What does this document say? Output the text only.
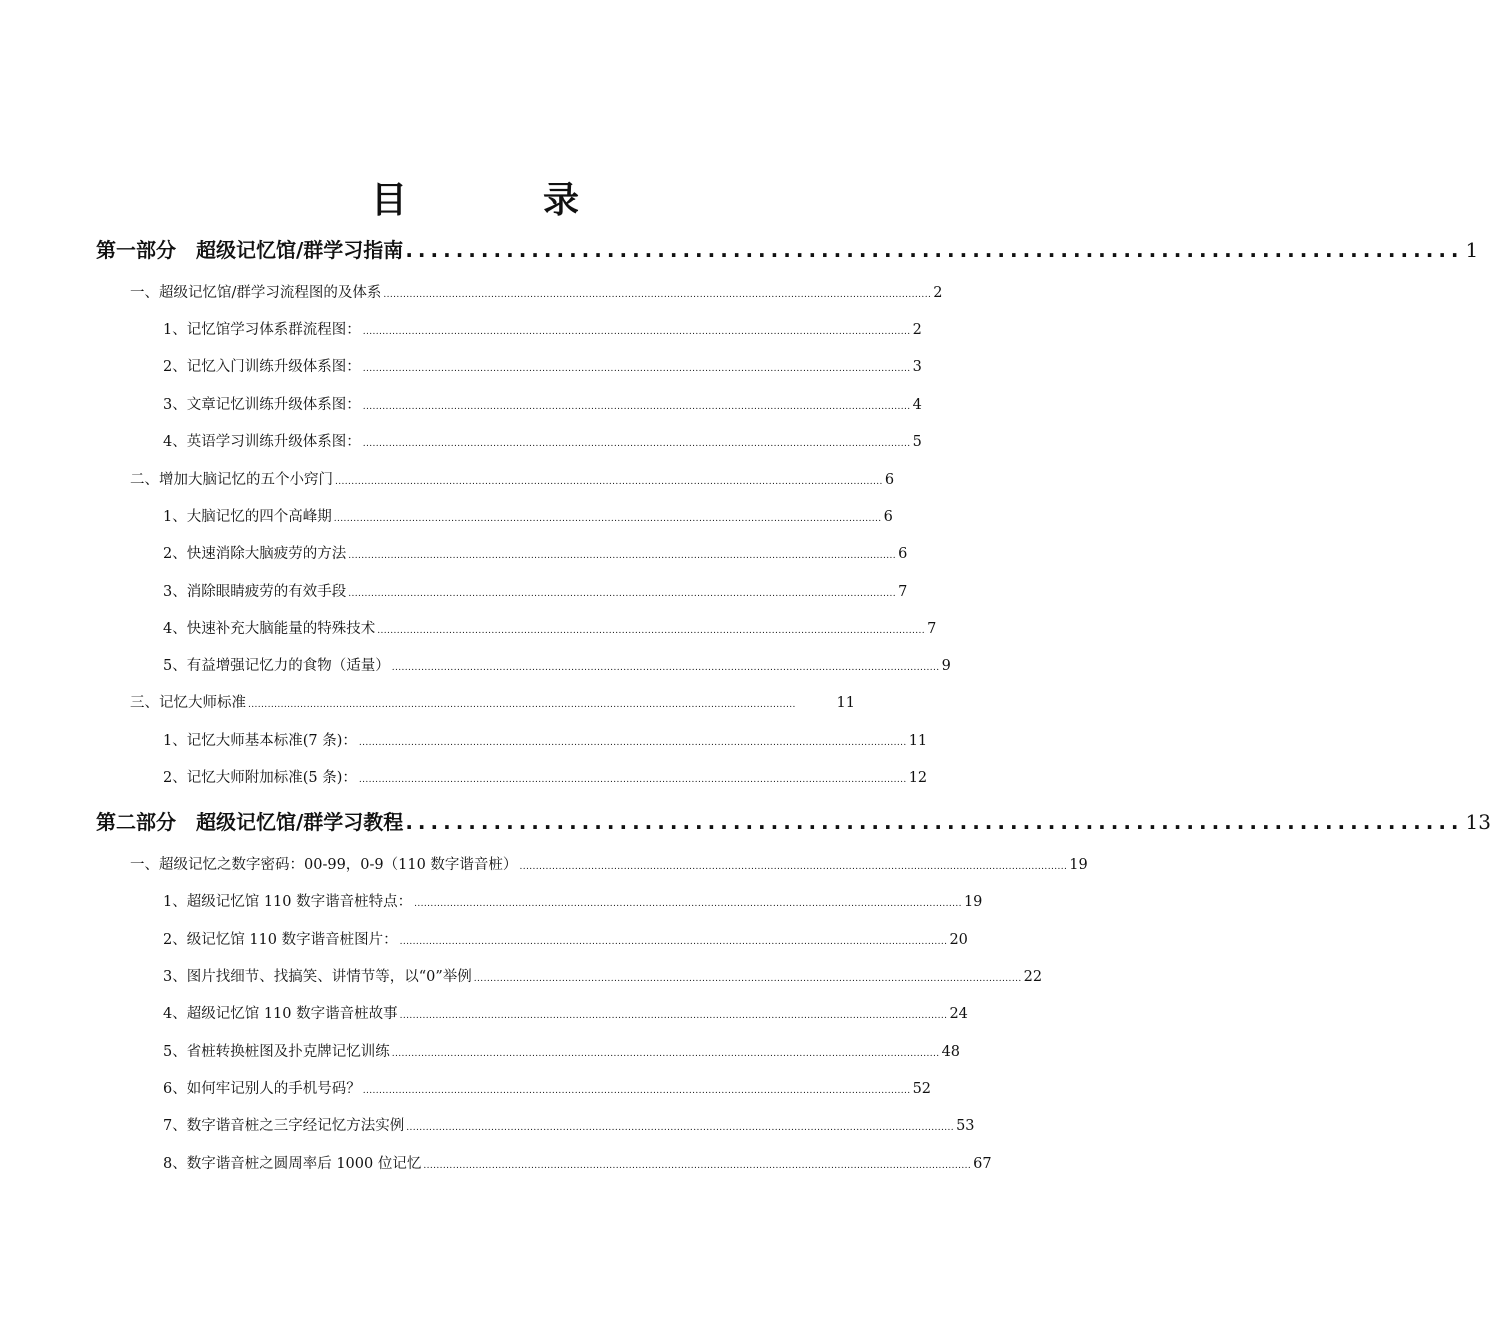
目　录
第一部分　超级记忆馆/群学习指南 .................................................................................... 1
一、超级记忆馆/群学习流程图的及体系 ........................................................................................................................................................................ 2
1、记忆馆学习体系群流程图： ........................................................................................................................................................................ 2
2、记忆入门训练升级体系图： ........................................................................................................................................................................ 3
3、文章记忆训练升级体系图： ........................................................................................................................................................................ 4
4、英语学习训练升级体系图： ........................................................................................................................................................................ 5
二、增加大脑记忆的五个小窍门 ........................................................................................................................................................................ 6
1、大脑记忆的四个高峰期 ........................................................................................................................................................................ 6
2、快速消除大脑疲劳的方法 ........................................................................................................................................................................ 6
3、消除眼睛疲劳的有效手段 ........................................................................................................................................................................ 7
4、快速补充大脑能量的特殊技术 ........................................................................................................................................................................ 7
5、有益增强记忆力的食物（适量） ........................................................................................................................................................................ 9
三、记忆大师标准 ........................................................................................................................................................................	11
1、记忆大师基本标准(7 条)： ........................................................................................................................................................................ 11
2、记忆大师附加标准(5 条)： ........................................................................................................................................................................ 12
第二部分　超级记忆馆/群学习教程 .................................................................................... 13
一、超级记忆之数字密码：00-99，0-9（110 数字谐音桩） ........................................................................................................................................................................ 19
1、超级记忆馆 110 数字谐音桩特点： ........................................................................................................................................................................ 19
2、级记忆馆 110 数字谐音桩图片： ........................................................................................................................................................................ 20
3、图片找细节、找搞笑、讲情节等，以“0”举例 ........................................................................................................................................................................ 22
4、超级记忆馆 110 数字谐音桩故事 ........................................................................................................................................................................ 24
5、省桩转换桩图及扑克牌记忆训练 ........................................................................................................................................................................ 48
6、如何牢记别人的手机号码？ ........................................................................................................................................................................ 52
7、数字谐音桩之三字经记忆方法实例 ........................................................................................................................................................................ 53
8、数字谐音桩之圆周率后 1000 位记忆 ........................................................................................................................................................................ 67
